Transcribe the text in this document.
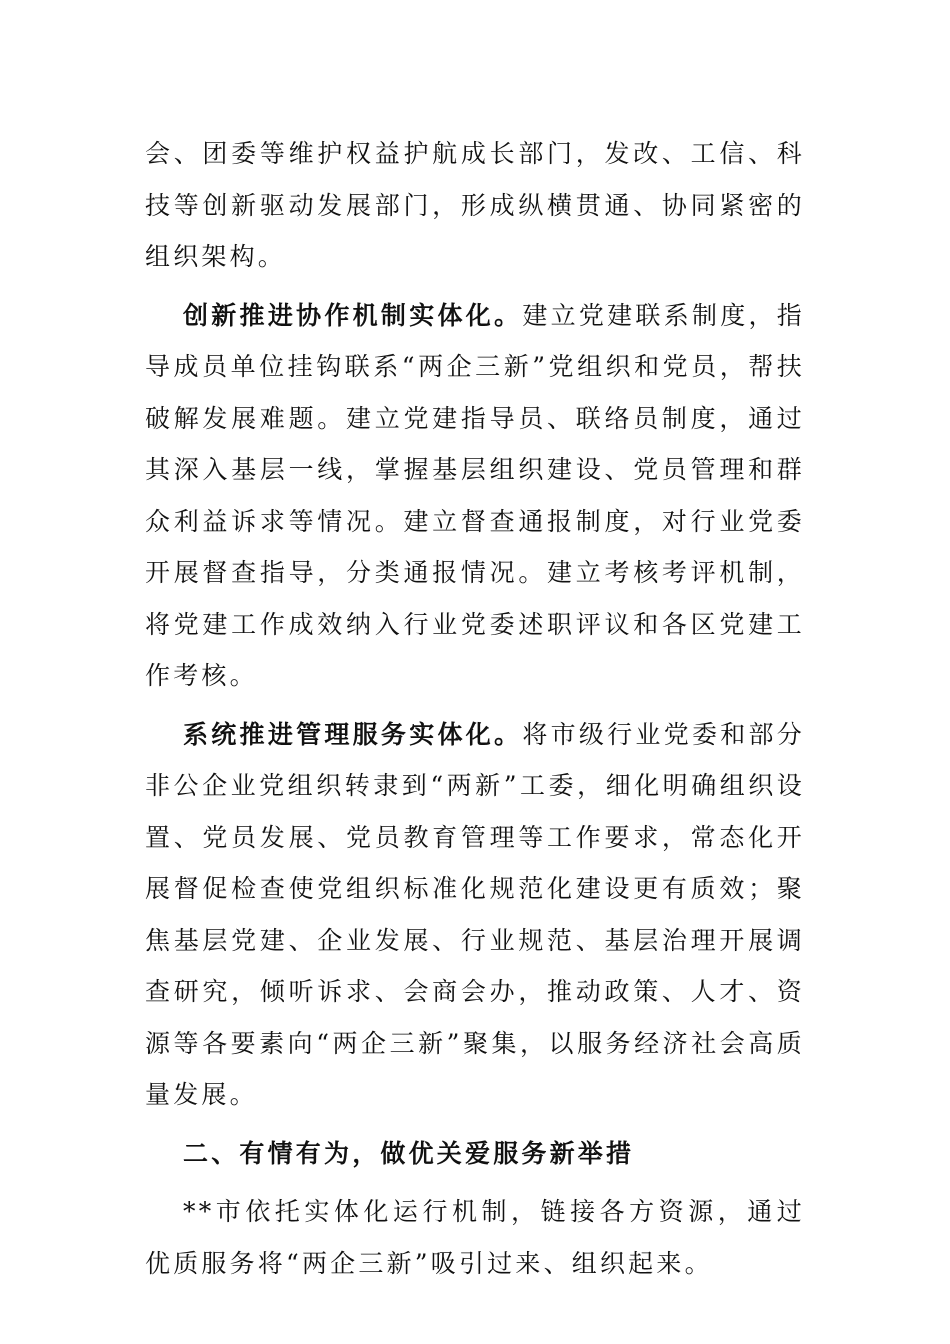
会、团委等维护权益护航成长部门，发改、工信、科技等创新驱动发展部门，形成纵横贯通、协同紧密的组织架构。

创新推进协作机制实体化。建立党建联系制度，指导成员单位挂钩联系“两企三新”党组织和党员，帮扶破解发展难题。建立党建指导员、联络员制度，通过其深入基层一线，掌握基层组织建设、党员管理和群众利益诉求等情况。建立督查通报制度，对行业党委开展督查指导，分类通报情况。建立考核考评机制，将党建工作成效纳入行业党委述职评议和各区党建工作考核。

系统推进管理服务实体化。将市级行业党委和部分非公企业党组织转隶到“两新”工委，细化明确组织设置、党员发展、党员教育管理等工作要求，常态化开展督促检查使党组织标准化规范化建设更有质效；聚焦基层党建、企业发展、行业规范、基层治理开展调查研究，倾听诉求、会商会办，推动政策、人才、资源等各要素向“两企三新”聚集，以服务经济社会高质量发展。

二、有情有为，做优关爱服务新举措

**市依托实体化运行机制，链接各方资源，通过优质服务将“两企三新”吸引过来、组织起来。
